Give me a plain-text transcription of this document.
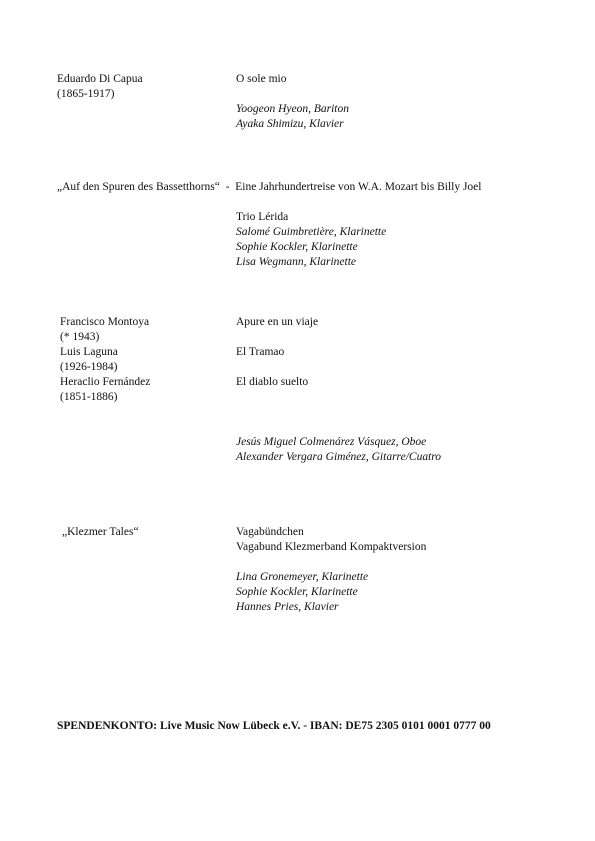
Eduardo Di Capua
(1865-1917)
O sole mio
Yoogeon Hyeon, Bariton
Ayaka Shimizu, Klavier
„Auf den Spuren des Bassetthorns“ - Eine Jahrhundertreise von W.A. Mozart bis Billy Joel
Trio Lérida
Salomé Guimbretière, Klarinette
Sophie Kockler, Klarinette
Lisa Wegmann, Klarinette
Francisco Montoya
(* 1943)
Luis Laguna
(1926-1984)
Heraclio Fernández
(1851-1886)
Apure en un viaje
El Tramao
El diablo suelto
Jesús Miguel Colmenárez Vásquez, Oboe
Alexander Vergara Giménez, Gitarre/Cuatro
„Klezmer Tales“	Vagabündchen
Vagabund Klezmerband Kompaktversion
Lina Gronemeyer, Klarinette
Sophie Kockler, Klarinette
Hannes Pries, Klavier
SPENDENKONTO: Live Music Now Lübeck e.V. - IBAN: DE75 2305 0101 0001 0777 00
